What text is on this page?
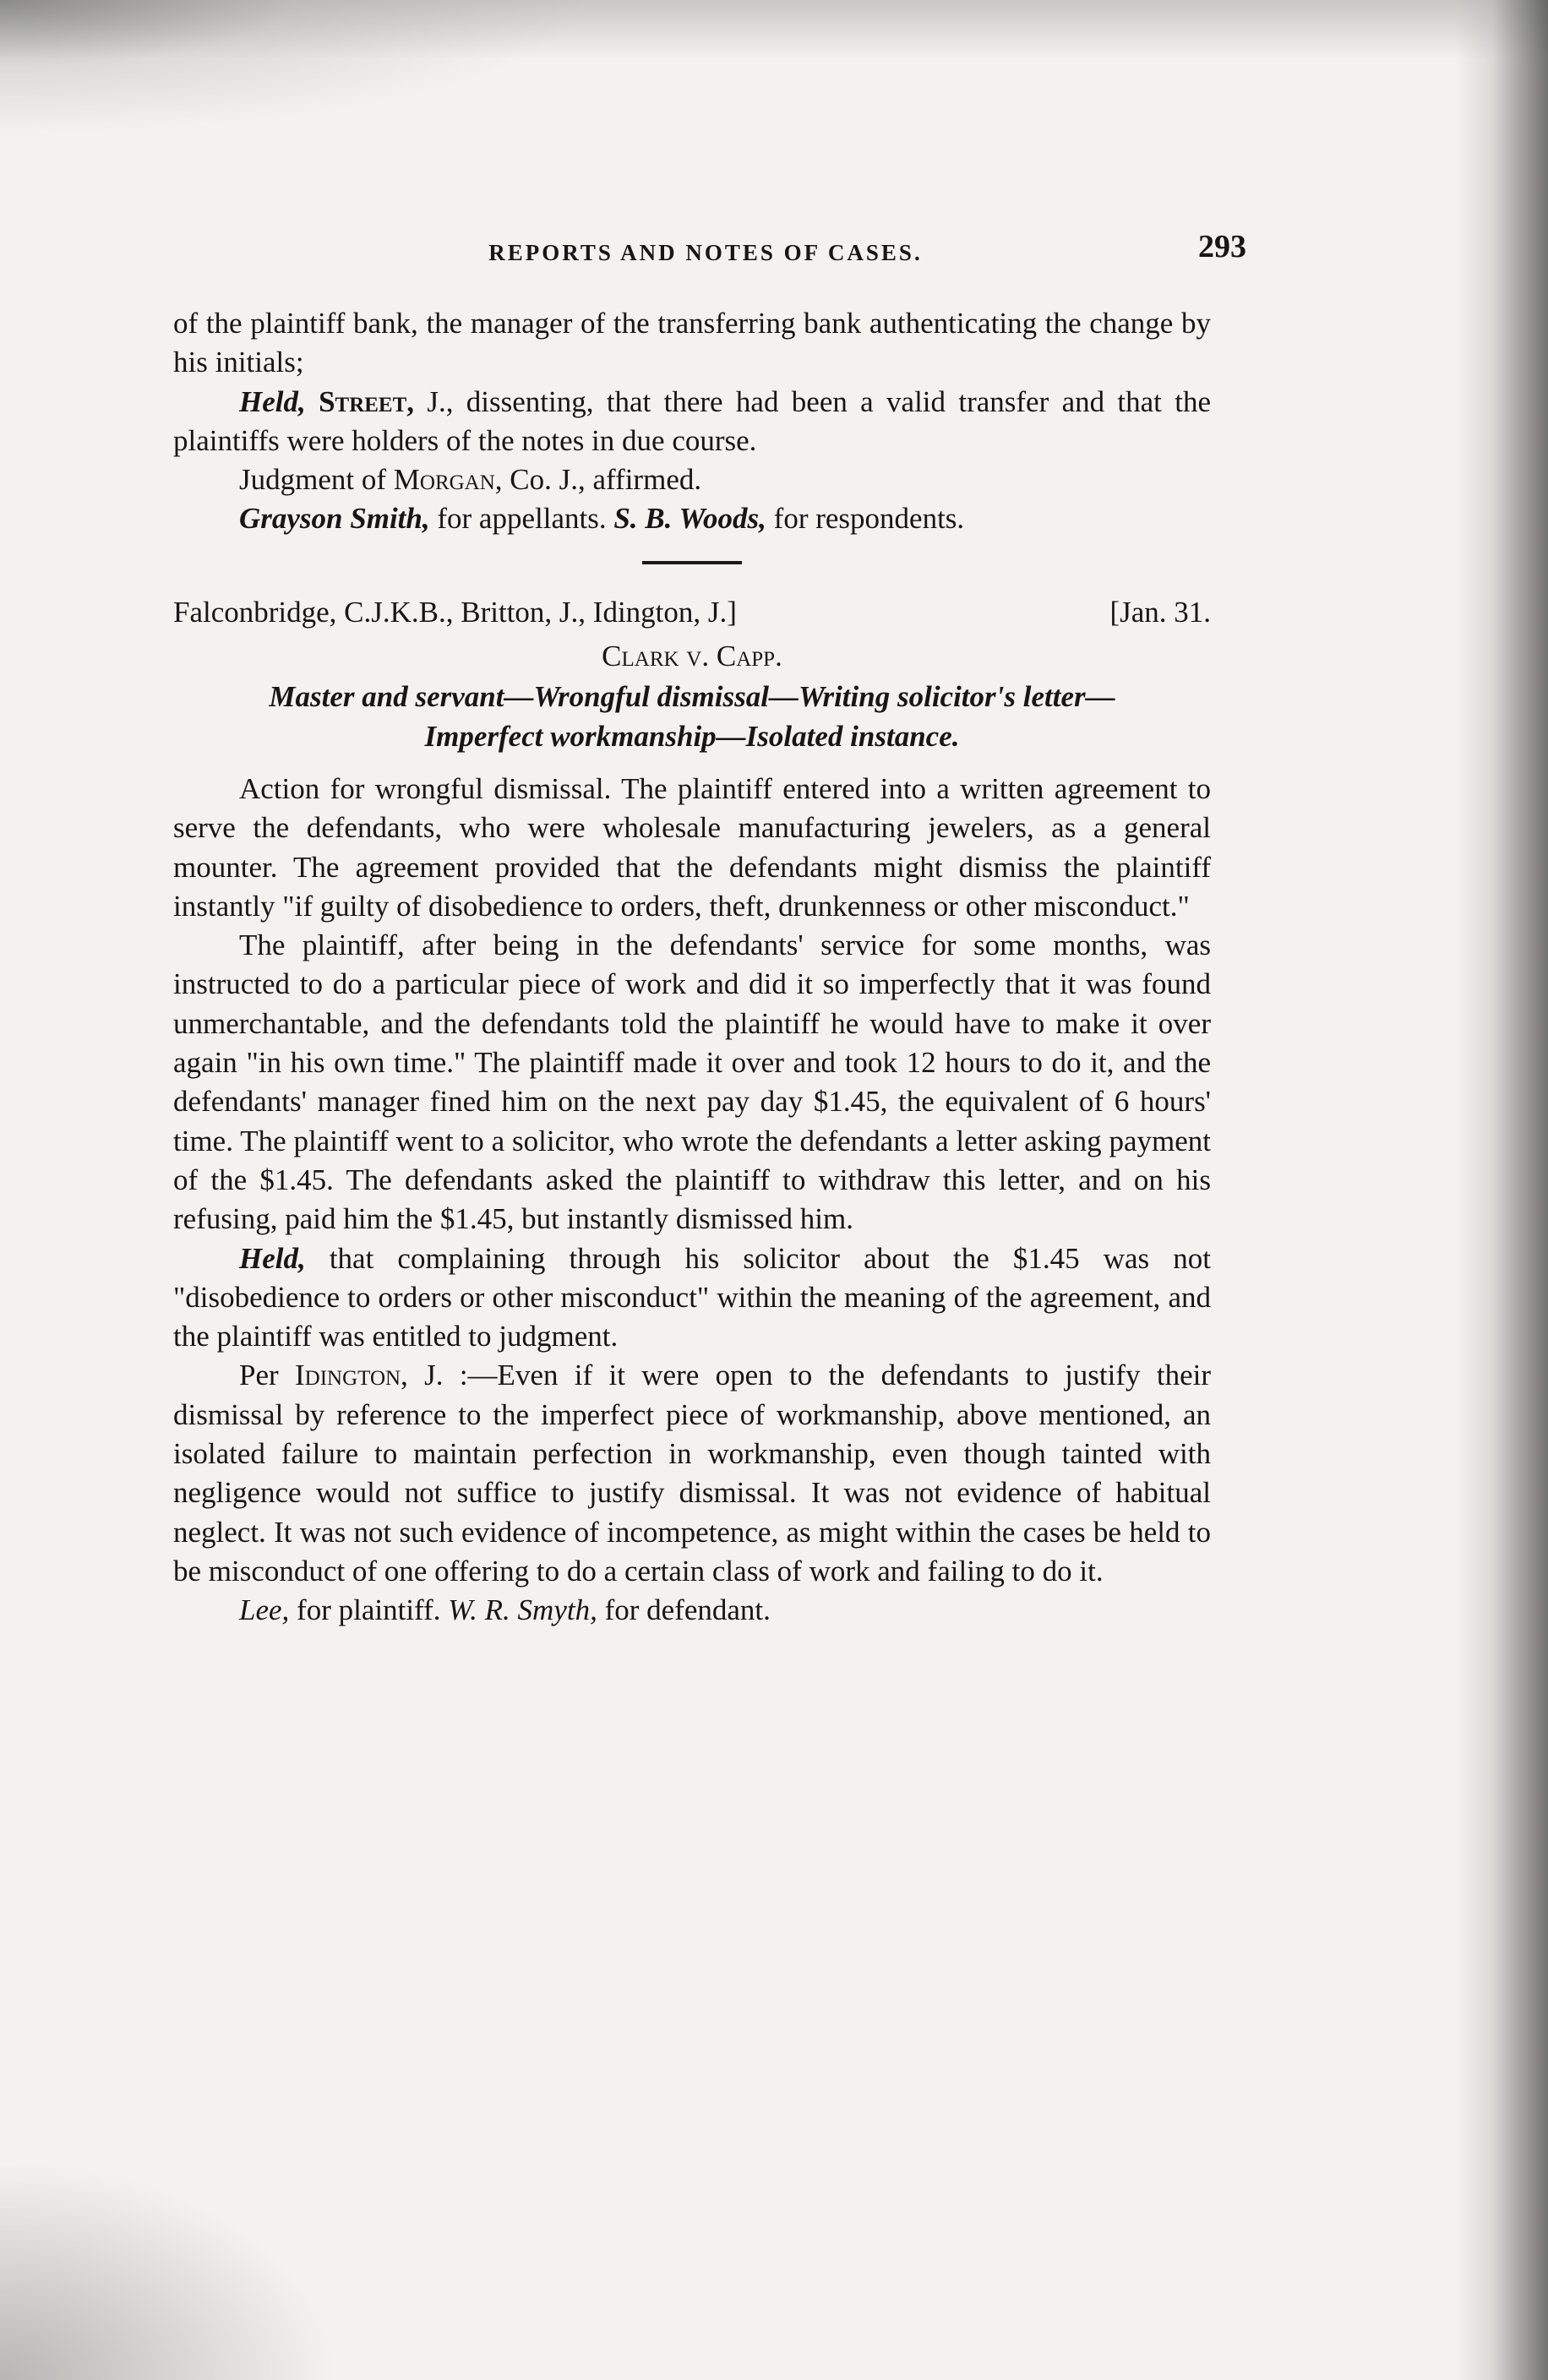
REPORTS AND NOTES OF CASES.	293

of the plaintiff bank, the manager of the transferring bank authenticating the change by his initials;

Held, Street, J., dissenting, that there had been a valid transfer and that the plaintiffs were holders of the notes in due course.

Judgment of Morgan, Co. J., affirmed.

Grayson Smith, for appellants. S. B. Woods, for respondents.

Falconbridge, C.J.K.B., Britton, J., Idington, J.]	[Jan. 31.
Clark v. Capp.
Master and servant—Wrongful dismissal—Writing solicitor's letter—Imperfect workmanship—Isolated instance.

Action for wrongful dismissal. The plaintiff entered into a written agreement to serve the defendants, who were wholesale manufacturing jewelers, as a general mounter. The agreement provided that the defendants might dismiss the plaintiff instantly "if guilty of disobedience to orders, theft, drunkenness or other misconduct."

The plaintiff, after being in the defendants' service for some months, was instructed to do a particular piece of work and did it so imperfectly that it was found unmerchantable, and the defendants told the plaintiff he would have to make it over again "in his own time." The plaintiff made it over and took 12 hours to do it, and the defendants' manager fined him on the next pay day $1.45, the equivalent of 6 hours' time. The plaintiff went to a solicitor, who wrote the defendants a letter asking payment of the $1.45. The defendants asked the plaintiff to withdraw this letter, and on his refusing, paid him the $1.45, but instantly dismissed him.

Held, that complaining through his solicitor about the $1.45 was not "disobedience to orders or other misconduct" within the meaning of the agreement, and the plaintiff was entitled to judgment.

Per Idington, J. :—Even if it were open to the defendants to justify their dismissal by reference to the imperfect piece of workmanship, above mentioned, an isolated failure to maintain perfection in workmanship, even though tainted with negligence would not suffice to justify dismissal. It was not evidence of habitual neglect. It was not such evidence of incompetence, as might within the cases be held to be misconduct of one offering to do a certain class of work and failing to do it.

Lee, for plaintiff. W. R. Smyth, for defendant.
